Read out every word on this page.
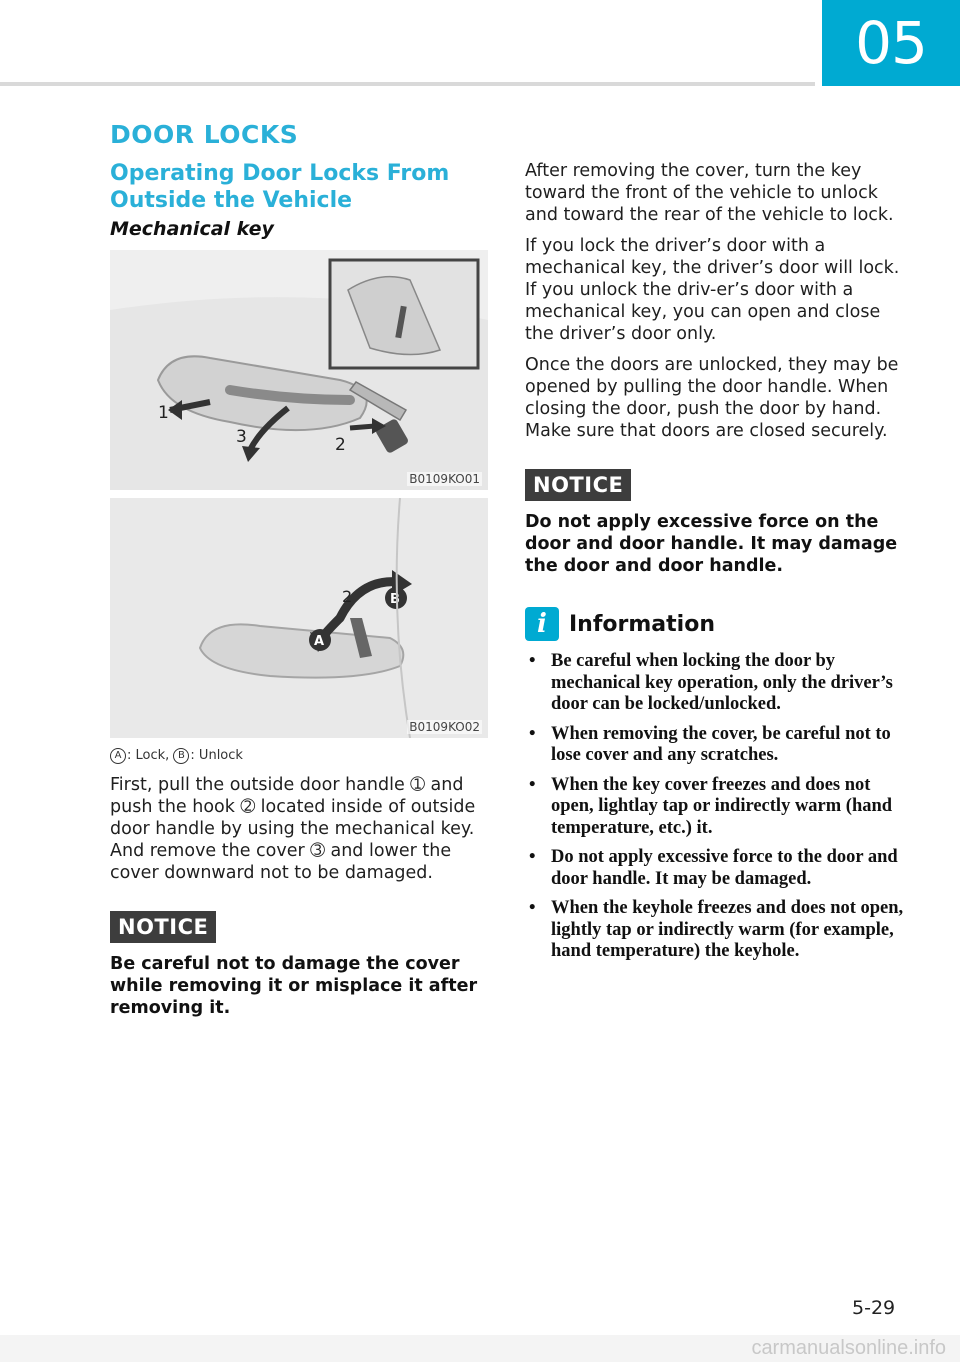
05
DOOR LOCKS
Operating Door Locks From Outside the Vehicle
Mechanical key
1
2
3
B0109KO01
A
B
2
B0109KO02
A : Lock, B : Unlock

First, pull the outside door handle ➀ and push the hook ➁ located inside of outside door handle by using the mechanical key. And remove the cover ➂ and lower the cover downward not to be damaged.

NOTICE

Be careful not to damage the cover while removing it or misplace it after removing it.

After removing the cover, turn the key toward the front of the vehicle to unlock and toward the rear of the vehicle to lock.

If you lock the driver’s door with a mechanical key, the driver’s door will lock. If you unlock the driv-er’s door with a mechanical key, you can open and close the driver’s door only.

Once the doors are unlocked, they may be opened by pulling the door handle. When closing the door, push the door by hand. Make sure that doors are closed securely.

NOTICE

Do not apply excessive force on the door and door handle. It may damage the door and door handle.

i	Information
• Be careful when locking the door by mechanical key operation, only the driver’s door can be locked/unlocked.
• When removing the cover, be careful not to lose cover and any scratches.
• When the key cover freezes and does not open, lightlay tap or indirectly warm (hand temperature, etc.) it.
• Do not apply excessive force to the door and door handle. It may be damaged.
• When the keyhole freezes and does not open, lightly tap or indirectly warm (for example, hand temperature) the keyhole.
5-29
carmanualsonline.info
